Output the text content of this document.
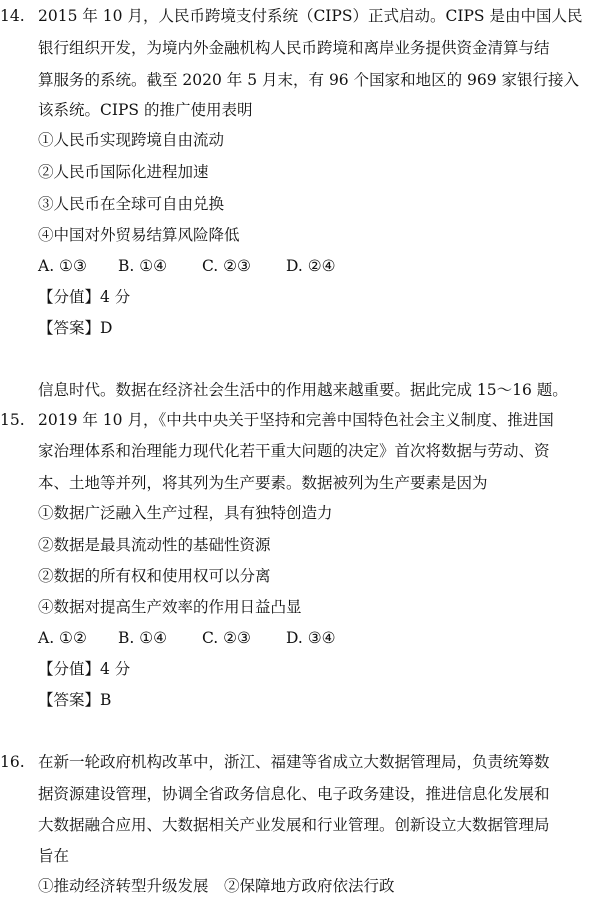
14. 2015 年 10 月，人民币跨境支付系统（CIPS）正式启动。CIPS 是由中国人民
银行组织开发，为境内外金融机构人民币跨境和离岸业务提供资金清算与结
算服务的系统。截至 2020 年 5 月末，有 96 个国家和地区的 969 家银行接入
该系统。CIPS 的推广使用表明
①人民币实现跨境自由流动
②人民币国际化进程加速
③人民币在全球可自由兑换
④中国对外贸易结算风险降低
A. ①③ B. ①④ C. ②③ D. ②④
【分值】4 分
【答案】D
信息时代。数据在经济社会生活中的作用越来越重要。据此完成 15～16 题。
15. 2019 年 10 月，《中共中央关于坚持和完善中国特色社会主义制度、推进国
家治理体系和治理能力现代化若干重大问题的决定》首次将数据与劳动、资
本、土地等并列，将其列为生产要素。数据被列为生产要素是因为
①数据广泛融入生产过程，具有独特创造力
②数据是最具流动性的基础性资源
②数据的所有权和使用权可以分离
④数据对提高生产效率的作用日益凸显
A. ①② B. ①④ C. ②③ D. ③④
【分值】4 分
【答案】B
16. 在新一轮政府机构改革中，浙江、福建等省成立大数据管理局，负责统筹数
据资源建设管理，协调全省政务信息化、电子政务建设，推进信息化发展和
大数据融合应用、大数据相关产业发展和行业管理。创新设立大数据管理局
旨在
①推动经济转型升级发展　②保障地方政府依法行政
